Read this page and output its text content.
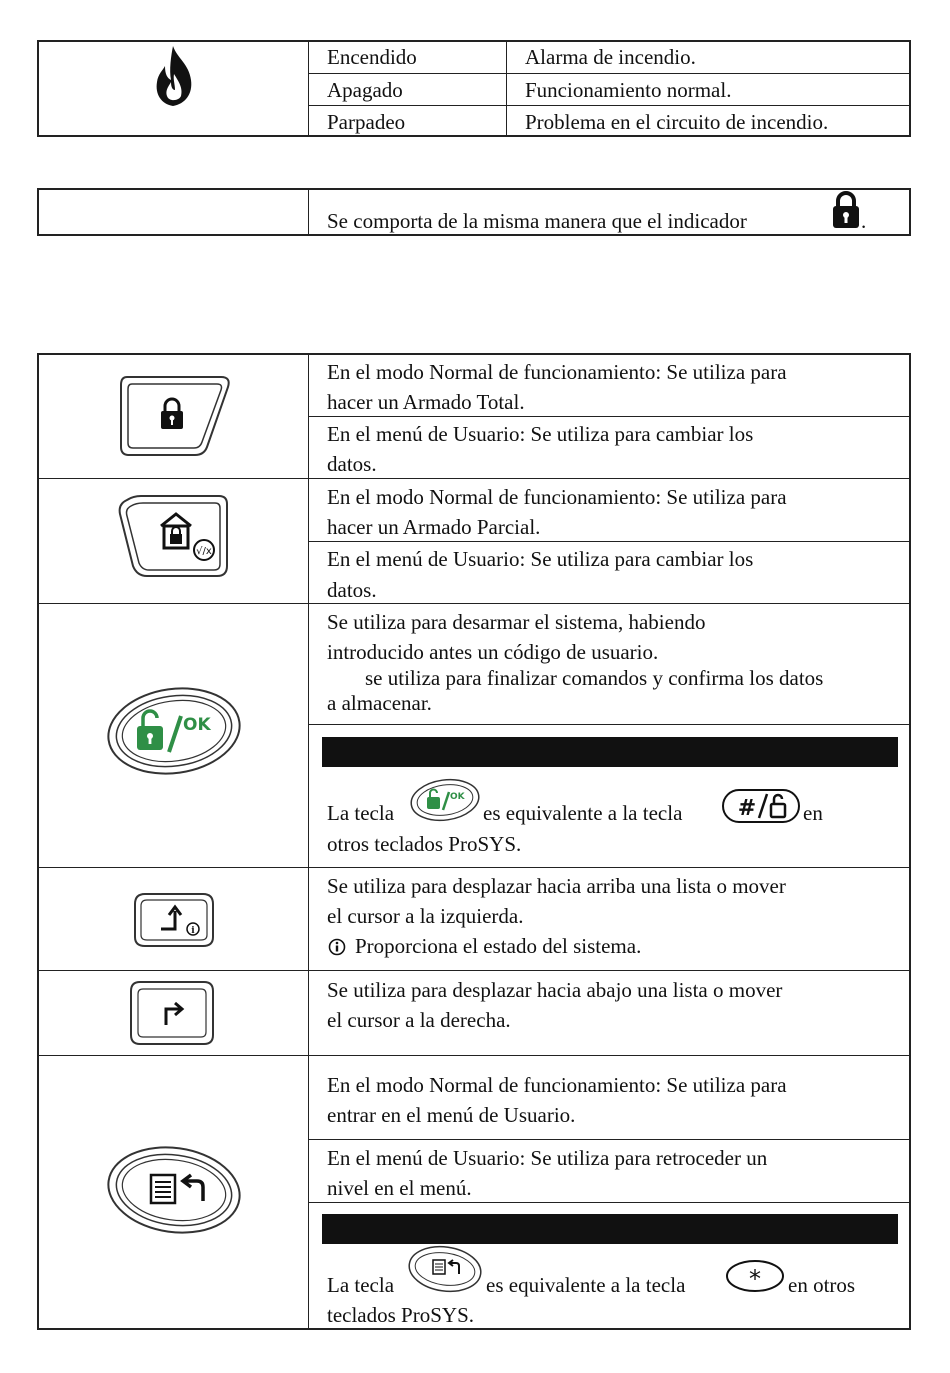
Encendido	Alarma de incendio.
Apagado	Funcionamiento normal.
Parpadeo	Problema en el circuito de incendio.
Se comporta de la misma manera que el indicador	.
En el modo Normal de funcionamiento: Se utiliza para
hacer un Armado Total.
En el menú de Usuario: Se utiliza para cambiar los
datos.
√/x
En el modo Normal de funcionamiento: Se utiliza para
hacer un Armado Parcial.
En el menú de Usuario: Se utiliza para cambiar los
datos.
OK
Se utiliza para desarmar el sistema, habiendo
introducido antes un código de usuario.
se utiliza para finalizar comandos y confirma los datos
a almacenar.
La tecla
OK
es equivalente a la tecla	# en
otros teclados ProSYS.
i
Se utiliza para desplazar hacia arriba una lista o mover
el cursor a la izquierda.
Proporciona el estado del sistema.
Se utiliza para desplazar hacia abajo una lista o mover
el cursor a la derecha.
En el modo Normal de funcionamiento: Se utiliza para
entrar en el menú de Usuario.
En el menú de Usuario: Se utiliza para retroceder un
nivel en el menú.
La tecla	es equivalente a la tecla	* en otros
teclados ProSYS.
